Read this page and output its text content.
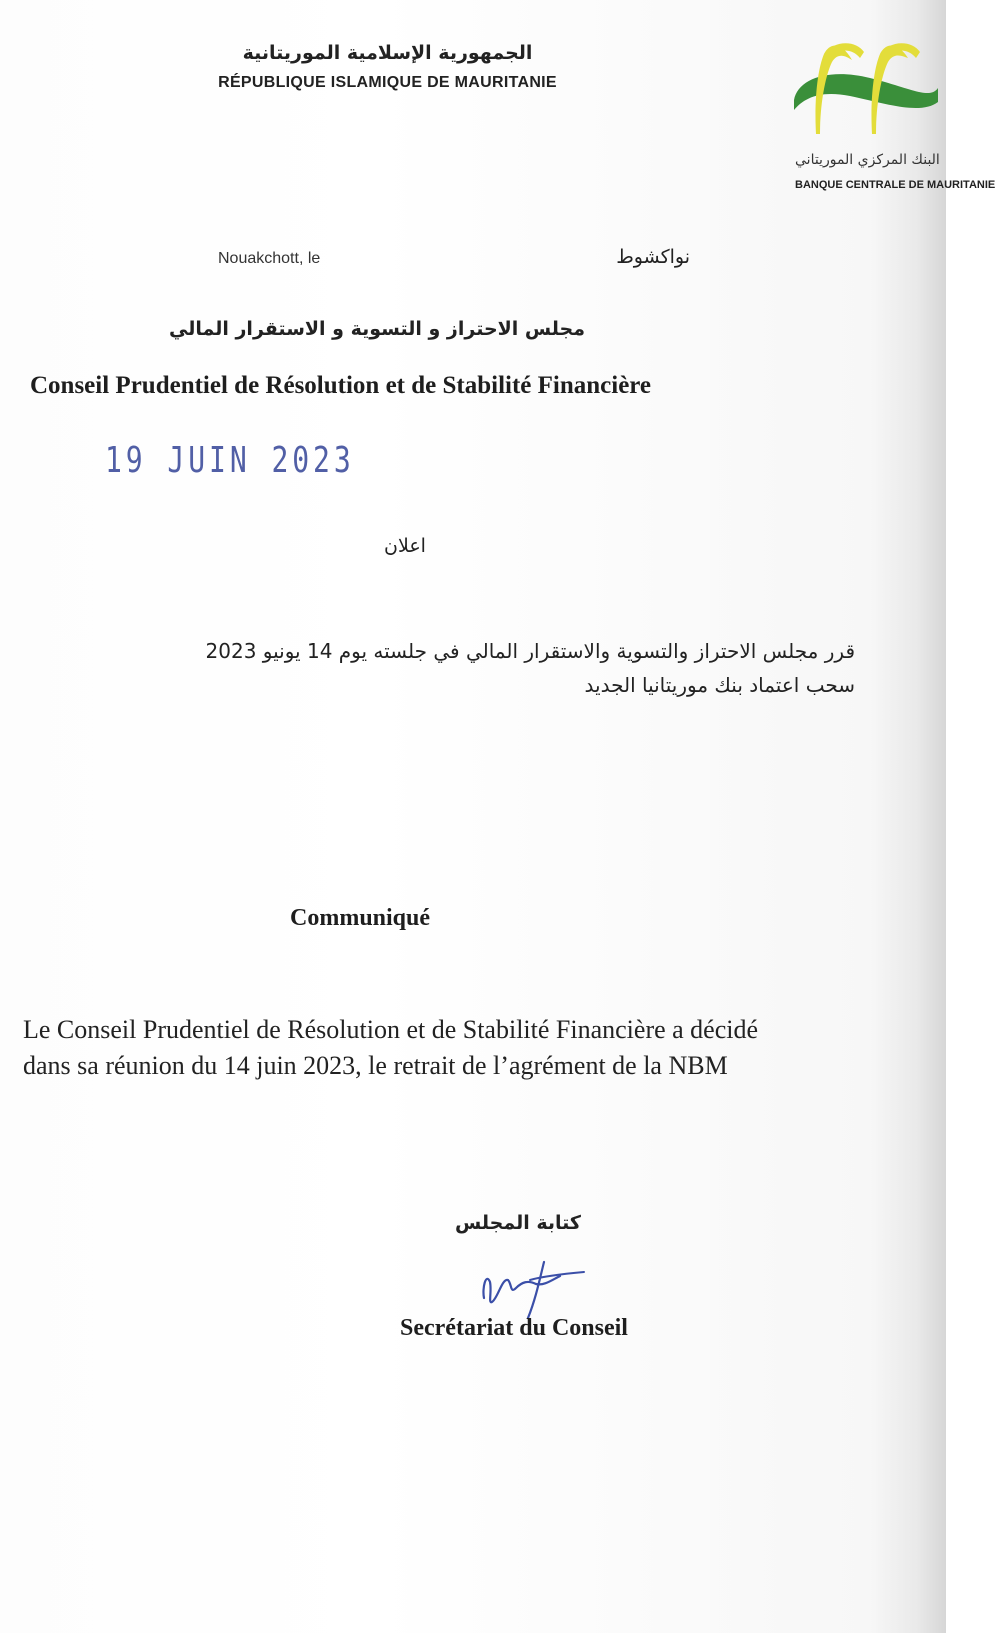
الجمهورية الإسلامية الموريتانية
RÉPUBLIQUE ISLAMIQUE DE MAURITANIE
البنك المركزي الموريتاني
BANQUE CENTRALE DE MAURITANIE
Nouakchott, le	نواكشوط
مجلس الاحتراز و التسوية و الاستقرار المالي
Conseil Prudentiel de Résolution et de Stabilité Financière
19 JUIN 2023
اعلان
قرر مجلس الاحتراز والتسوية والاستقرار المالي في جلسته يوم 14 يونيو 2023
سحب اعتماد بنك موريتانيا الجديد
Communiqué
Le Conseil Prudentiel de Résolution et de Stabilité Financière a décidé
dans sa réunion du 14 juin 2023, le retrait de l’agrément de la NBM
كتابة المجلس
Secrétariat du Conseil
